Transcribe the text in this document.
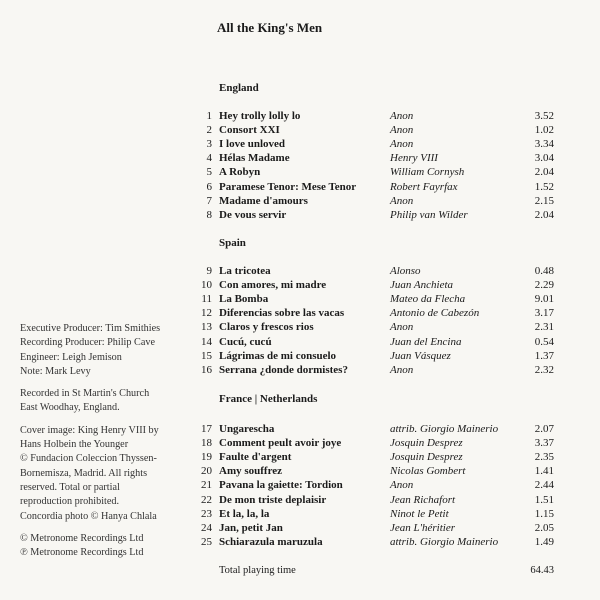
All the King's Men
Executive Producer: Tim Smithies
Recording Producer: Philip Cave
Engineer: Leigh Jemison
Note: Mark Levy
Recorded in St Martin's Church
East Woodhay, England.
Cover image: King Henry VIII by
Hans Holbein the Younger
© Fundacion Coleccion Thyssen-
Bornemisza, Madrid. All rights
reserved. Total or partial
reproduction prohibited.
Concordia photo © Hanya Chlala
© Metronome Recordings Ltd
℗ Metronome Recordings Ltd
England
1 Hey trolly lolly lo	Anon	3.52
2 Consort XXI	Anon	1.02
3 I love unloved	Anon	3.34
4 Hélas Madame	Henry VIII	3.04
5 A Robyn	William Cornysh	2.04
6 Paramese Tenor: Mese Tenor	Robert Fayrfax	1.52
7 Madame d'amours	Anon	2.15
8 De vous servir	Philip van Wilder	2.04
Spain
9 La tricotea	Alonso	0.48
10 Con amores, mi madre	Juan Anchieta	2.29
11 La Bomba	Mateo da Flecha	9.01
12 Diferencias sobre las vacas	Antonio de Cabezón	3.17
13 Claros y frescos rios	Anon	2.31
14 Cucú, cucú	Juan del Encina	0.54
15 Lágrimas de mi consuelo	Juan Vásquez	1.37
16 Serrana ¿donde dormistes?	Anon	2.32
France | Netherlands
17 Ungarescha	attrib. Giorgio Mainerio	2.07
18 Comment peult avoir joye	Josquin Desprez	3.37
19 Faulte d'argent	Josquin Desprez	2.35
20 Amy souffrez	Nicolas Gombert	1.41
21 Pavana la gaiette: Tordion	Anon	2.44
22 De mon triste deplaisir	Jean Richafort	1.51
23 Et la, la, la	Ninot le Petit	1.15
24 Jan, petit Jan	Jean L'héritier	2.05
25 Schiarazula maruzula	attrib. Giorgio Mainerio	1.49
Total playing time	64.43
